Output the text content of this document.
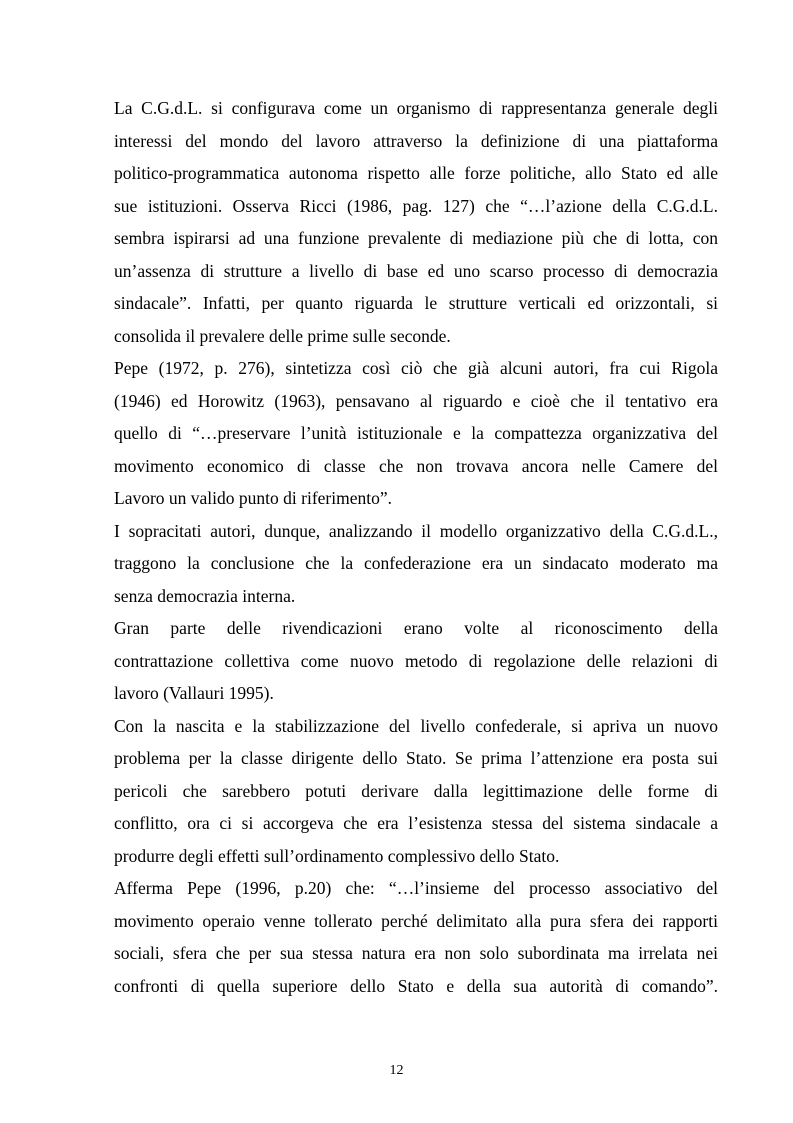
La C.G.d.L. si configurava come un organismo di rappresentanza generale degli
interessi del mondo del lavoro attraverso la definizione di una piattaforma
politico-programmatica autonoma rispetto alle forze politiche, allo Stato ed alle
sue istituzioni. Osserva Ricci (1986, pag. 127) che “…l’azione della C.G.d.L.
sembra ispirarsi ad una funzione prevalente di mediazione più che di lotta, con
un’assenza di strutture a livello di base ed uno scarso processo di democrazia
sindacale”. Infatti, per quanto riguarda le strutture verticali ed orizzontali, si
consolida il prevalere delle prime sulle seconde.
Pepe (1972, p. 276), sintetizza così ciò che già alcuni autori, fra cui Rigola
(1946) ed Horowitz (1963), pensavano al riguardo e cioè che il tentativo era
quello di “…preservare l’unità istituzionale e la compattezza organizzativa del
movimento economico di classe che non trovava ancora nelle Camere del
Lavoro un valido punto di riferimento”.
I sopracitati autori, dunque, analizzando il modello organizzativo della C.G.d.L.,
traggono la conclusione che la confederazione era un sindacato moderato ma
senza democrazia interna.
Gran parte delle rivendicazioni erano volte al riconoscimento della
contrattazione collettiva come nuovo metodo di regolazione delle relazioni di
lavoro (Vallauri 1995).
Con la nascita e la stabilizzazione del livello confederale, si apriva un nuovo
problema per la classe dirigente dello Stato. Se prima l’attenzione era posta sui
pericoli che sarebbero potuti derivare dalla legittimazione delle forme di
conflitto, ora ci si accorgeva che era l’esistenza stessa del sistema sindacale a
produrre degli effetti sull’ordinamento complessivo dello Stato.
Afferma Pepe (1996, p.20) che: “…l’insieme del processo associativo del
movimento operaio venne tollerato perché delimitato alla pura sfera dei rapporti
sociali, sfera che per sua stessa natura era non solo subordinata ma irrelata nei
confronti di quella superiore dello Stato e della sua autorità di comando”.
12
